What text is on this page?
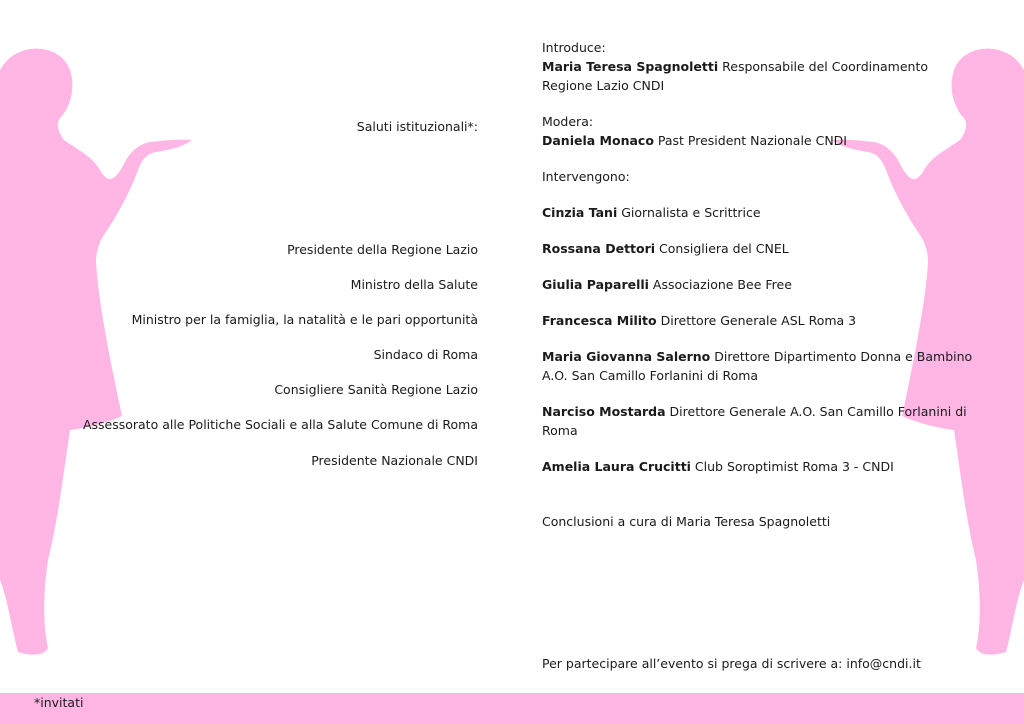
Saluti istituzionali*:
Presidente della Regione Lazio
Ministro della Salute
Ministro per la famiglia, la natalità e le pari opportunità
Sindaco di Roma
Consigliere Sanità Regione Lazio
Assessorato alle Politiche Sociali e alla Salute Comune di Roma
Presidente Nazionale CNDI

Introduce:

Maria Teresa Spagnoletti Responsabile del Coordinamento Regione Lazio CNDI

Modera:

Daniela Monaco Past President Nazionale CNDI

Intervengono:

Cinzia Tani Giornalista e Scrittrice

Rossana Dettori Consigliera del CNEL

Giulia Paparelli Associazione Bee Free

Francesca Milito Direttore Generale ASL Roma 3

Maria Giovanna Salerno Direttore Dipartimento Donna e Bambino A.O. San Camillo Forlanini di Roma

Narciso Mostarda Direttore Generale A.O. San Camillo Forlanini di Roma

Amelia Laura Crucitti Club Soroptimist Roma 3 - CNDI

Conclusioni a cura di Maria Teresa Spagnoletti

Per partecipare all’evento si prega di scrivere a: info@cndi.it
*invitati
